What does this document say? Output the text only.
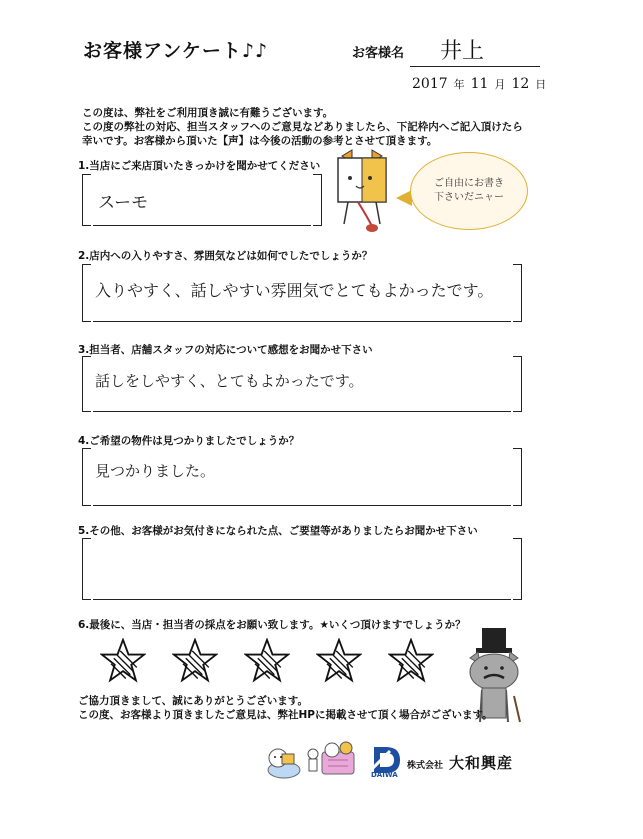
お客様アンケート♪♪	お客様名 井上
2017 年 11 月 12 日
この度は、弊社をご利用頂き誠に有難うございます。
この度の弊社の対応、担当スタッフへのご意見などありましたら、下記枠内へご記入頂けたら
幸いです。お客様から頂いた【声】は今後の活動の参考とさせて頂きます。
1.当店にご来店頂いたきっかけを聞かせてください
スーモ
ご自由にお書き
下さいだニャー
2.店内への入りやすさ、雰囲気などは如何でしたでしょうか？
入りやすく、話しやすい雰囲気でとてもよかったです。
3.担当者、店舗スタッフの対応について感想をお聞かせ下さい
話しをしやすく、とてもよかったです。
4.ご希望の物件は見つかりましたでしょうか？
見つかりました。
5.その他、お客様がお気付きになられた点、ご要望等がありましたらお聞かせ下さい
6.最後に、当店・担当者の採点をお願い致します。★いくつ頂けますでしょうか？
ご協力頂きまして、誠にありがとうございます。
この度、お客様より頂きましたご意見は、弊社HPに掲載させて頂く場合がございます。
DAIWA
株式会社 大和興産
